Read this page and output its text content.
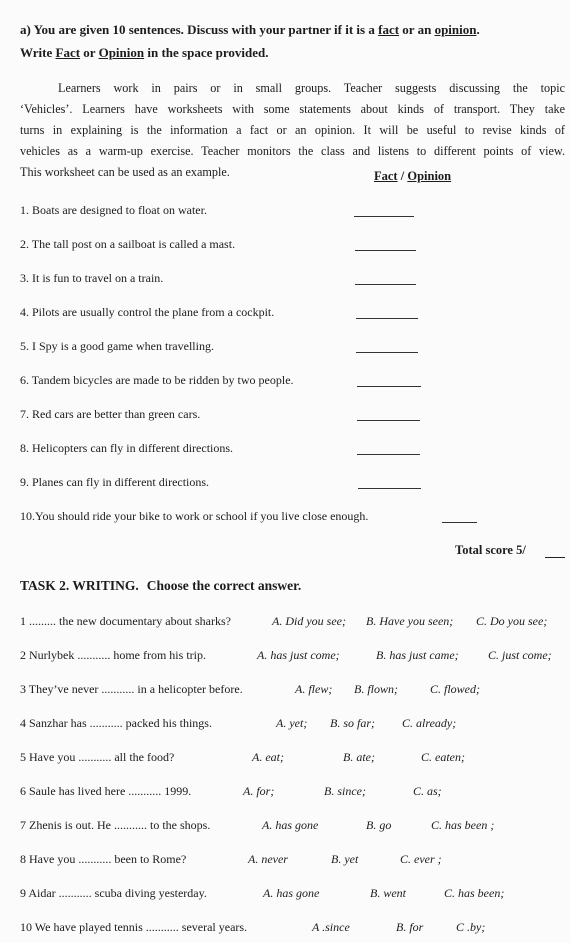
a) You are given 10 sentences. Discuss with your partner if it is a fact or an opinion.
Write Fact or Opinion in the space provided.
Learners work in pairs or in small groups. Teacher suggests discussing the topic
‘Vehicles’. Learners have worksheets with some statements about kinds of transport. They take
turns in explaining is the information a fact or an opinion. It will be useful to revise kinds of
vehicles as a warm-up exercise. Teacher monitors the class and listens to different points of view.
This worksheet can be used as an example.	Fact / Opinion
1. Boats are designed to float on water.
2. The tall post on a sailboat is called a mast.
3. It is fun to travel on a train.
4. Pilots are usually control the plane from a cockpit.
5. I Spy is a good game when travelling.
6. Tandem bicycles are made to be ridden by two people.
7. Red cars are better than green cars.
8. Helicopters can fly in different directions.
9. Planes can fly in different directions.
10.You should ride your bike to work or school if you live close enough.
Total score 5/
TASK 2. WRITING. Choose the correct answer.
1 ......... the new documentary about sharks?	A. Did you see; B. Have you seen; C. Do you see;
2 Nurlybek ........... home from his trip.	A. has just come;	B. has just came; C. just come;
3 They’ve never ........... in a helicopter before.	A. flew; B. flown;	C. flowed;
4 Sanzhar has ........... packed his things.	A. yet; B. so far; C. already;
5 Have you ........... all the food?	A. eat;	B. ate;	C. eaten;
6 Saule has lived here ........... 1999.	A. for;	B. since;	C. as;
7 Zhenis is out. He ........... to the shops.	A. has gone	B. go	C. has been ;
8 Have you ........... been to Rome?	A. never	B. yet	C. ever ;
9 Aidar ........... scuba diving yesterday.	A. has gone	B. went	C. has been;
10 We have played tennis ........... several years.	A .since	B. for	C .by;
